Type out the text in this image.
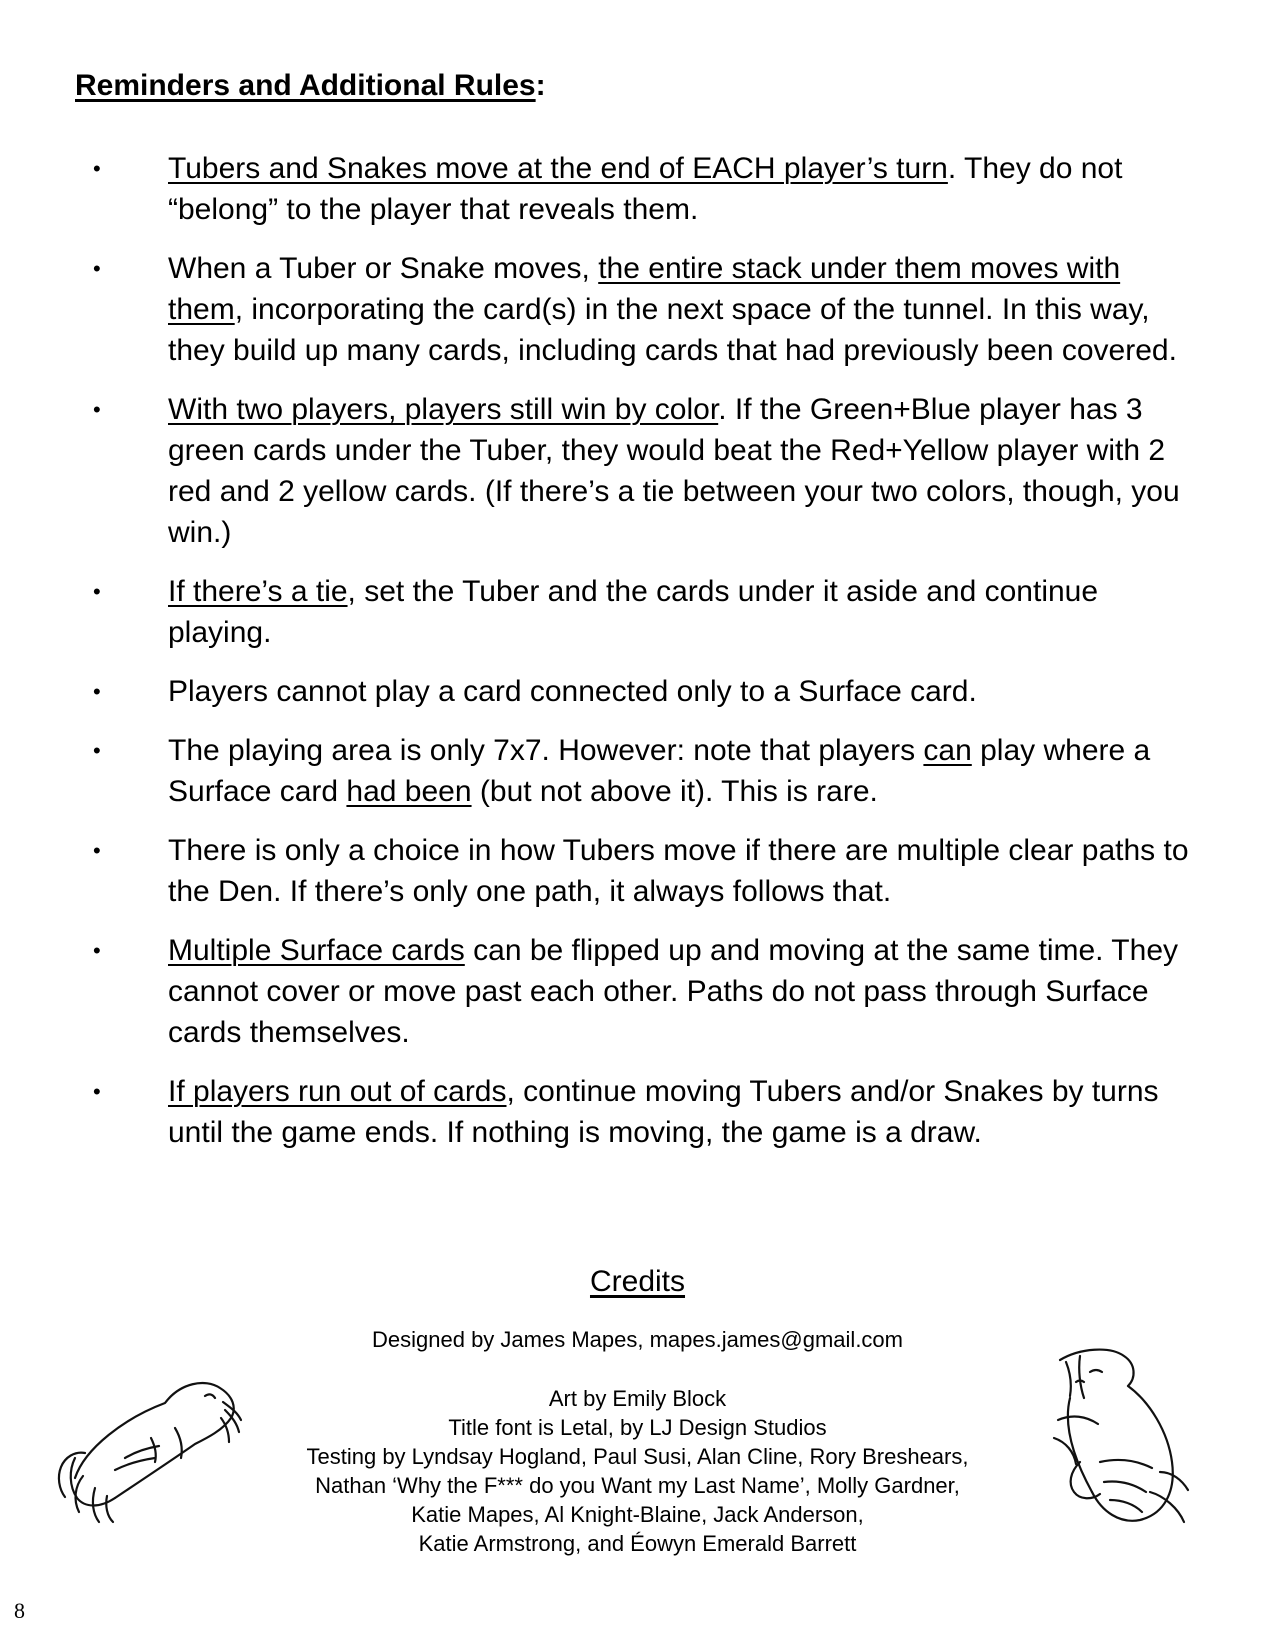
Reminders and Additional Rules:
• Tubers and Snakes move at the end of EACH player’s turn. They do not “belong” to the player that reveals them.
• When a Tuber or Snake moves, the entire stack under them moves with them, incorporating the card(s) in the next space of the tunnel. In this way, they build up many cards, including cards that had previously been covered.
• With two players, players still win by color. If the Green+Blue player has 3 green cards under the Tuber, they would beat the Red+Yellow player with 2 red and 2 yellow cards. (If there’s a tie between your two colors, though, you win.)
• If there’s a tie, set the Tuber and the cards under it aside and continue playing.
• Players cannot play a card connected only to a Surface card.
• The playing area is only 7x7. However: note that players can play where a Surface card had been (but not above it). This is rare.
• There is only a choice in how Tubers move if there are multiple clear paths to the Den. If there’s only one path, it always follows that.
• Multiple Surface cards can be flipped up and moving at the same time. They cannot cover or move past each other. Paths do not pass through Surface cards themselves.
• If players run out of cards, continue moving Tubers and/or Snakes by turns until the game ends. If nothing is moving, the game is a draw.
Credits
Designed by James Mapes, mapes.james@gmail.com
Art by Emily Block
Title font is Letal, by LJ Design Studios
Testing by Lyndsay Hogland, Paul Susi, Alan Cline, Rory Breshears,
Nathan ‘Why the F*** do you Want my Last Name’, Molly Gardner,
Katie Mapes, Al Knight-Blaine, Jack Anderson,
Katie Armstrong, and Éowyn Emerald Barrett
8
